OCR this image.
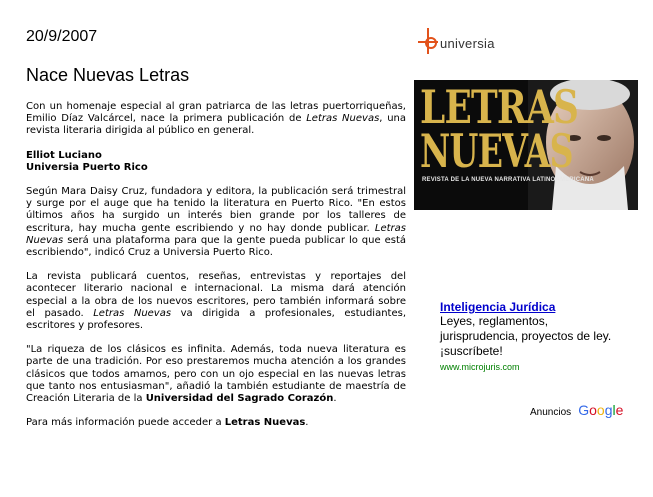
20/9/2007
Nace Nuevas Letras

Con un homenaje especial al gran patriarca de las letras puertorriqueñas, Emilio Díaz Valcárcel, nace la primera publicación de Letras Nuevas, una revista literaria dirigida al público en general.

Elliot Luciano
Universia Puerto Rico

Según Mara Daisy Cruz, fundadora y editora, la publicación será trimestral y surge por el auge que ha tenido la literatura en Puerto Rico. "En estos últimos años ha surgido un interés bien grande por los talleres de escritura, hay mucha gente escribiendo y no hay donde publicar. Letras Nuevas será una plataforma para que la gente pueda publicar lo que está escribiendo", indicó Cruz a Universia Puerto Rico.

La revista publicará cuentos, reseñas, entrevistas y reportajes del acontecer literario nacional e internacional. La misma dará atención especial a la obra de los nuevos escritores, pero también informará sobre el pasado. Letras Nuevas va dirigida a profesionales, estudiantes, escritores y profesores.

"La riqueza de los clásicos es infinita. Además, toda nueva literatura es parte de una tradición. Por eso prestaremos mucha atención a los grandes clásicos que todos amamos, pero con un ojo especial en las nuevas letras que tanto nos entusiasman", añadió la también estudiante de maestría de Creación Literaria de la Universidad del Sagrado Corazón.

Para más información puede acceder a Letras Nuevas.

universia
LETRAS
NUEVAS
REVISTA DE LA NUEVA NARRATIVA LATINOAMERICANA
Inteligencia Jurídica
Leyes, reglamentos,
jurisprudencia, proyectos de ley.
¡suscríbete!
www.microjuris.com
Anuncios Google
